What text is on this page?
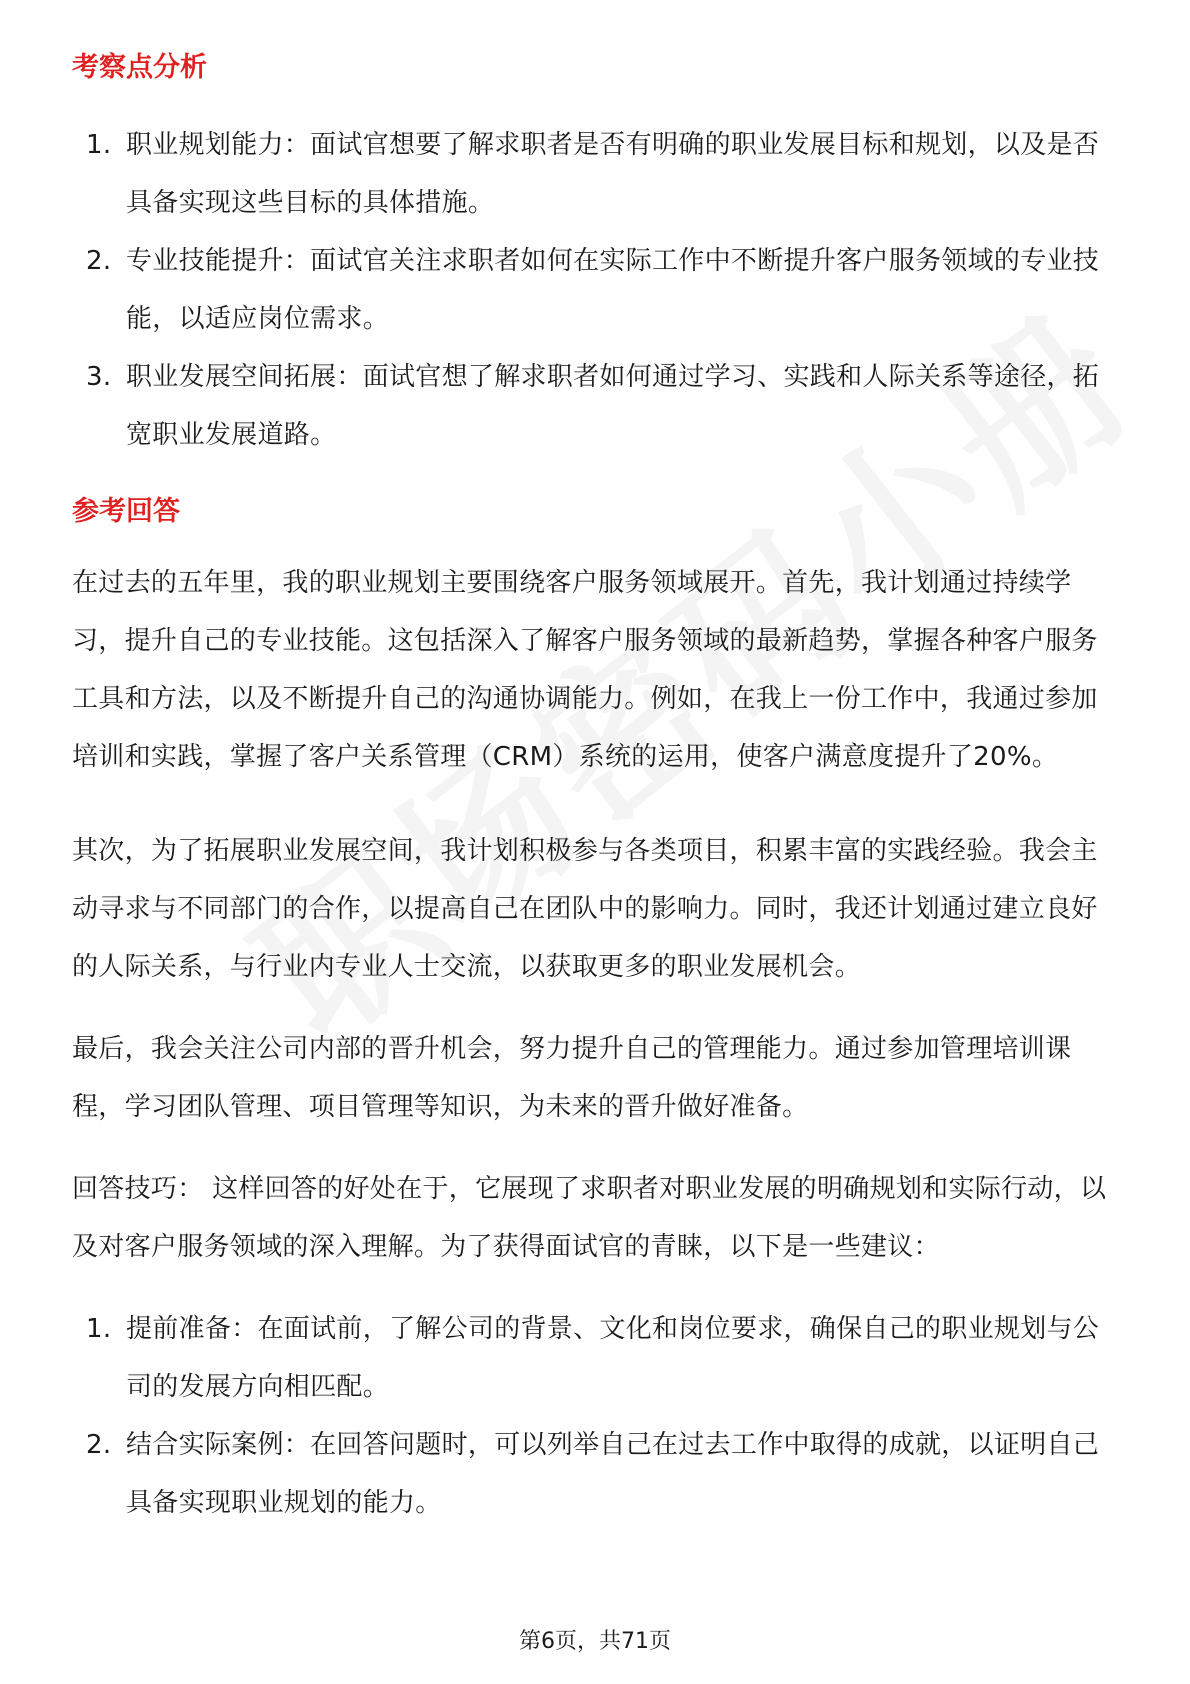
考察点分析
1. 职业规划能力：面试官想要了解求职者是否有明确的职业发展目标和规划，以及是否具备实现这些目标的具体措施。
2. 专业技能提升：面试官关注求职者如何在实际工作中不断提升客户服务领域的专业技能，以适应岗位需求。
3. 职业发展空间拓展：面试官想了解求职者如何通过学习、实践和人际关系等途径，拓宽职业发展道路。
参考回答

在过去的五年里，我的职业规划主要围绕客户服务领域展开。首先，我计划通过持续学习，提升自己的专业技能。这包括深入了解客户服务领域的最新趋势，掌握各种客户服务工具和方法，以及不断提升自己的沟通协调能力。例如，在我上一份工作中，我通过参加培训和实践，掌握了客户关系管理（CRM）系统的运用，使客户满意度提升了20%。

其次，为了拓展职业发展空间，我计划积极参与各类项目，积累丰富的实践经验。我会主动寻求与不同部门的合作，以提高自己在团队中的影响力。同时，我还计划通过建立良好的人际关系，与行业内专业人士交流，以获取更多的职业发展机会。

最后，我会关注公司内部的晋升机会，努力提升自己的管理能力。通过参加管理培训课程，学习团队管理、项目管理等知识，为未来的晋升做好准备。

回答技巧： 这样回答的好处在于，它展现了求职者对职业发展的明确规划和实际行动，以及对客户服务领域的深入理解。为了获得面试官的青睐，以下是一些建议：

1. 提前准备：在面试前，了解公司的背景、文化和岗位要求，确保自己的职业规划与公司的发展方向相匹配。
2. 结合实际案例：在回答问题时，可以列举自己在过去工作中取得的成就，以证明自己具备实现职业规划的能力。
第6页，共71页
